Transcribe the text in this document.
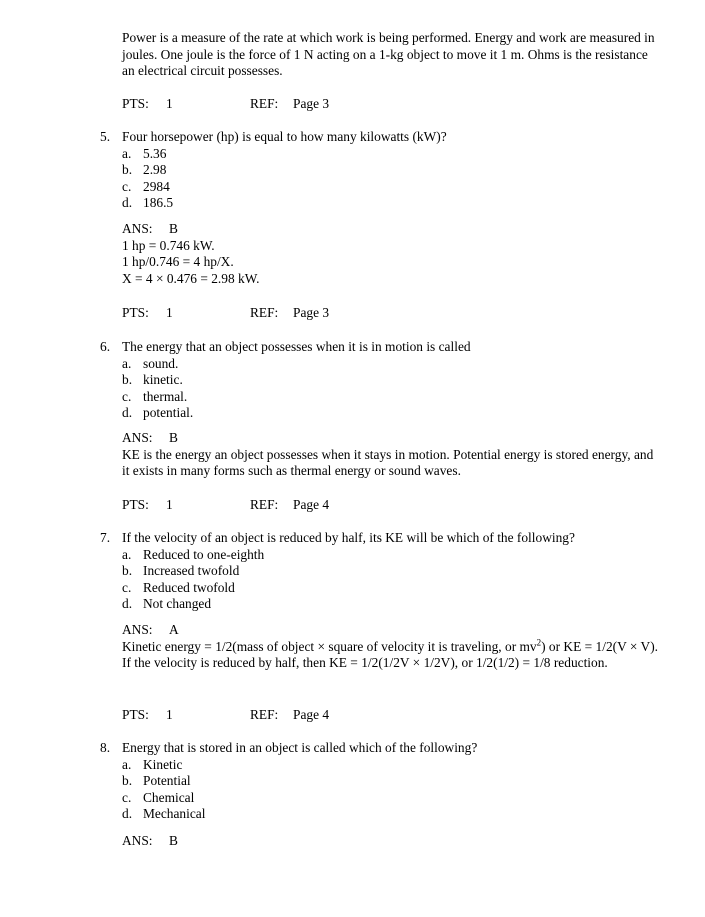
Power is a measure of the rate at which work is being performed. Energy and work are measured in joules. One joule is the force of 1 N acting on a 1-kg object to move it 1 m. Ohms is the resistance an electrical circuit possesses.

PTS: 1	REF: Page 3
5. Four horsepower (hp) is equal to how many kilowatts (kW)?
a. 5.36
b. 2.98
c. 2984
d. 186.5
ANS: B
1 hp = 0.746 kW.
1 hp/0.746 = 4 hp/X.
X = 4 × 0.476 = 2.98 kW.
PTS: 1	REF: Page 3
6. The energy that an object possesses when it is in motion is called
a. sound.
b. kinetic.
c. thermal.
d. potential.
ANS: B
KE is the energy an object possesses when it stays in motion. Potential energy is stored energy, and it exists in many forms such as thermal energy or sound waves.
PTS: 1	REF: Page 4
7. If the velocity of an object is reduced by half, its KE will be which of the following?
a. Reduced to one-eighth
b. Increased twofold
c. Reduced twofold
d. Not changed
ANS: A
Kinetic energy = 1/2(mass of object × square of velocity it is traveling, or $mv^2$) or KE = 1/2(V × V). If the velocity is reduced by half, then KE = 1/2(1/2V × 1/2V), or 1/2(1/2) = 1/8 reduction.
PTS: 1	REF: Page 4
8. Energy that is stored in an object is called which of the following?
a. Kinetic
b. Potential
c. Chemical
d. Mechanical
ANS: B
